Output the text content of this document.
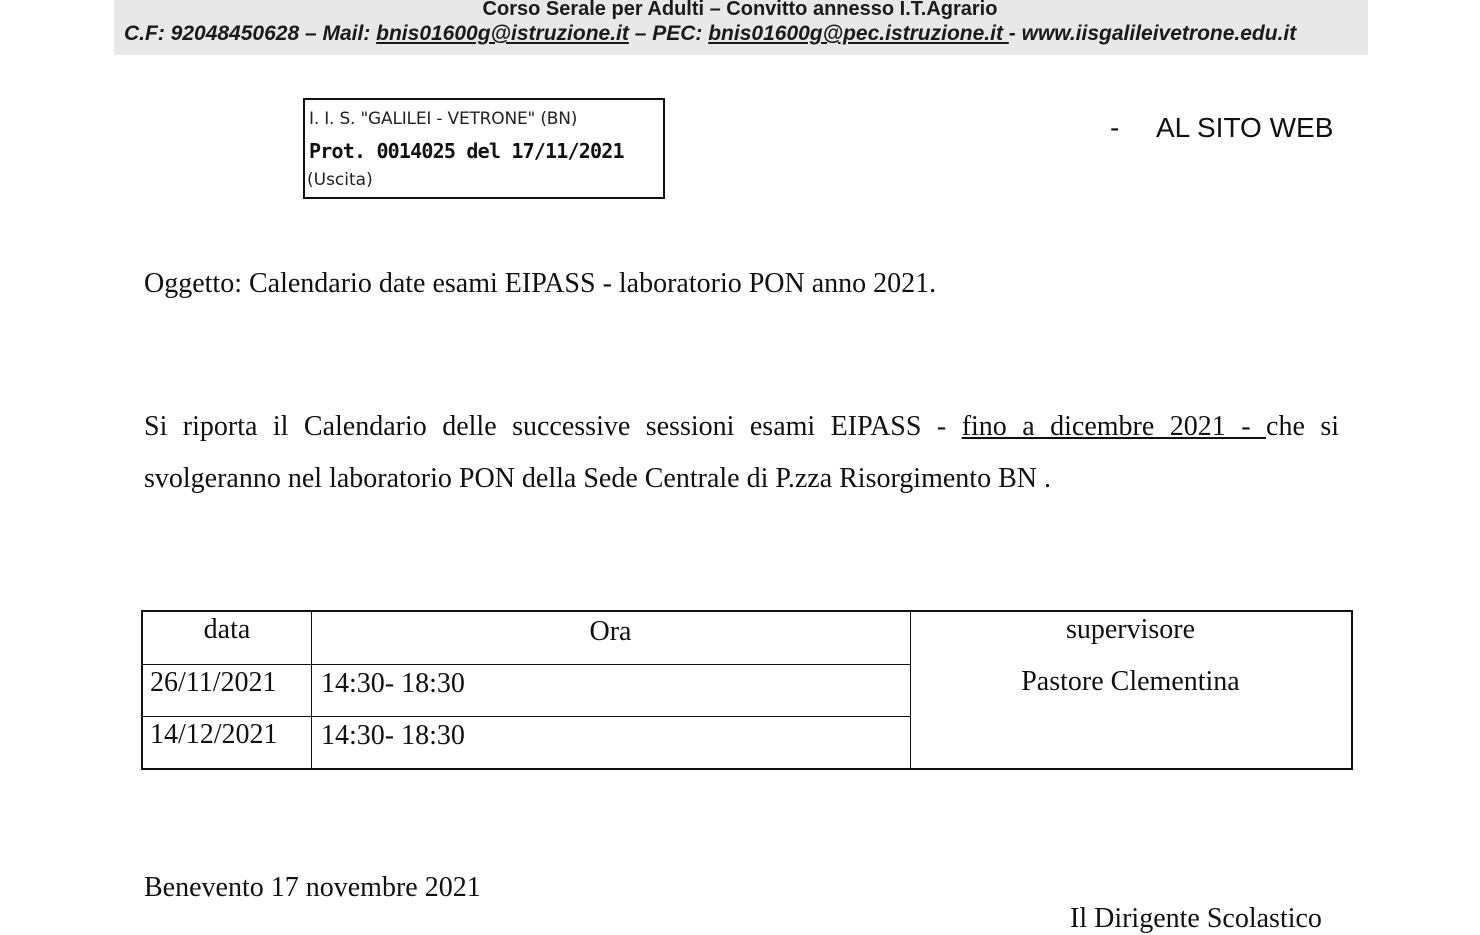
Corso Serale per Adulti – Convitto annesso I.T.Agrario
C.F: 92048450628 – Mail: bnis01600g@istruzione.it – PEC: bnis01600g@pec.istruzione.it - www.iisgalileivetrone.edu.it
I. I. S. "GALILEI - VETRONE" (BN)
Prot. 0014025 del 17/11/2021
(Uscita)
- AL SITO WEB
Oggetto: Calendario date esami EIPASS - laboratorio PON anno 2021.
Si riporta il Calendario delle successive sessioni esami EIPASS - fino a dicembre 2021 - che si svolgeranno nel laboratorio PON della Sede Centrale di P.zza Risorgimento BN .
data	Ora	supervisore
26/11/2021 14:30- 18:30	Pastore Clementina
14/12/2021 14:30- 18:30
Benevento 17 novembre 2021
Il Dirigente Scolastico
